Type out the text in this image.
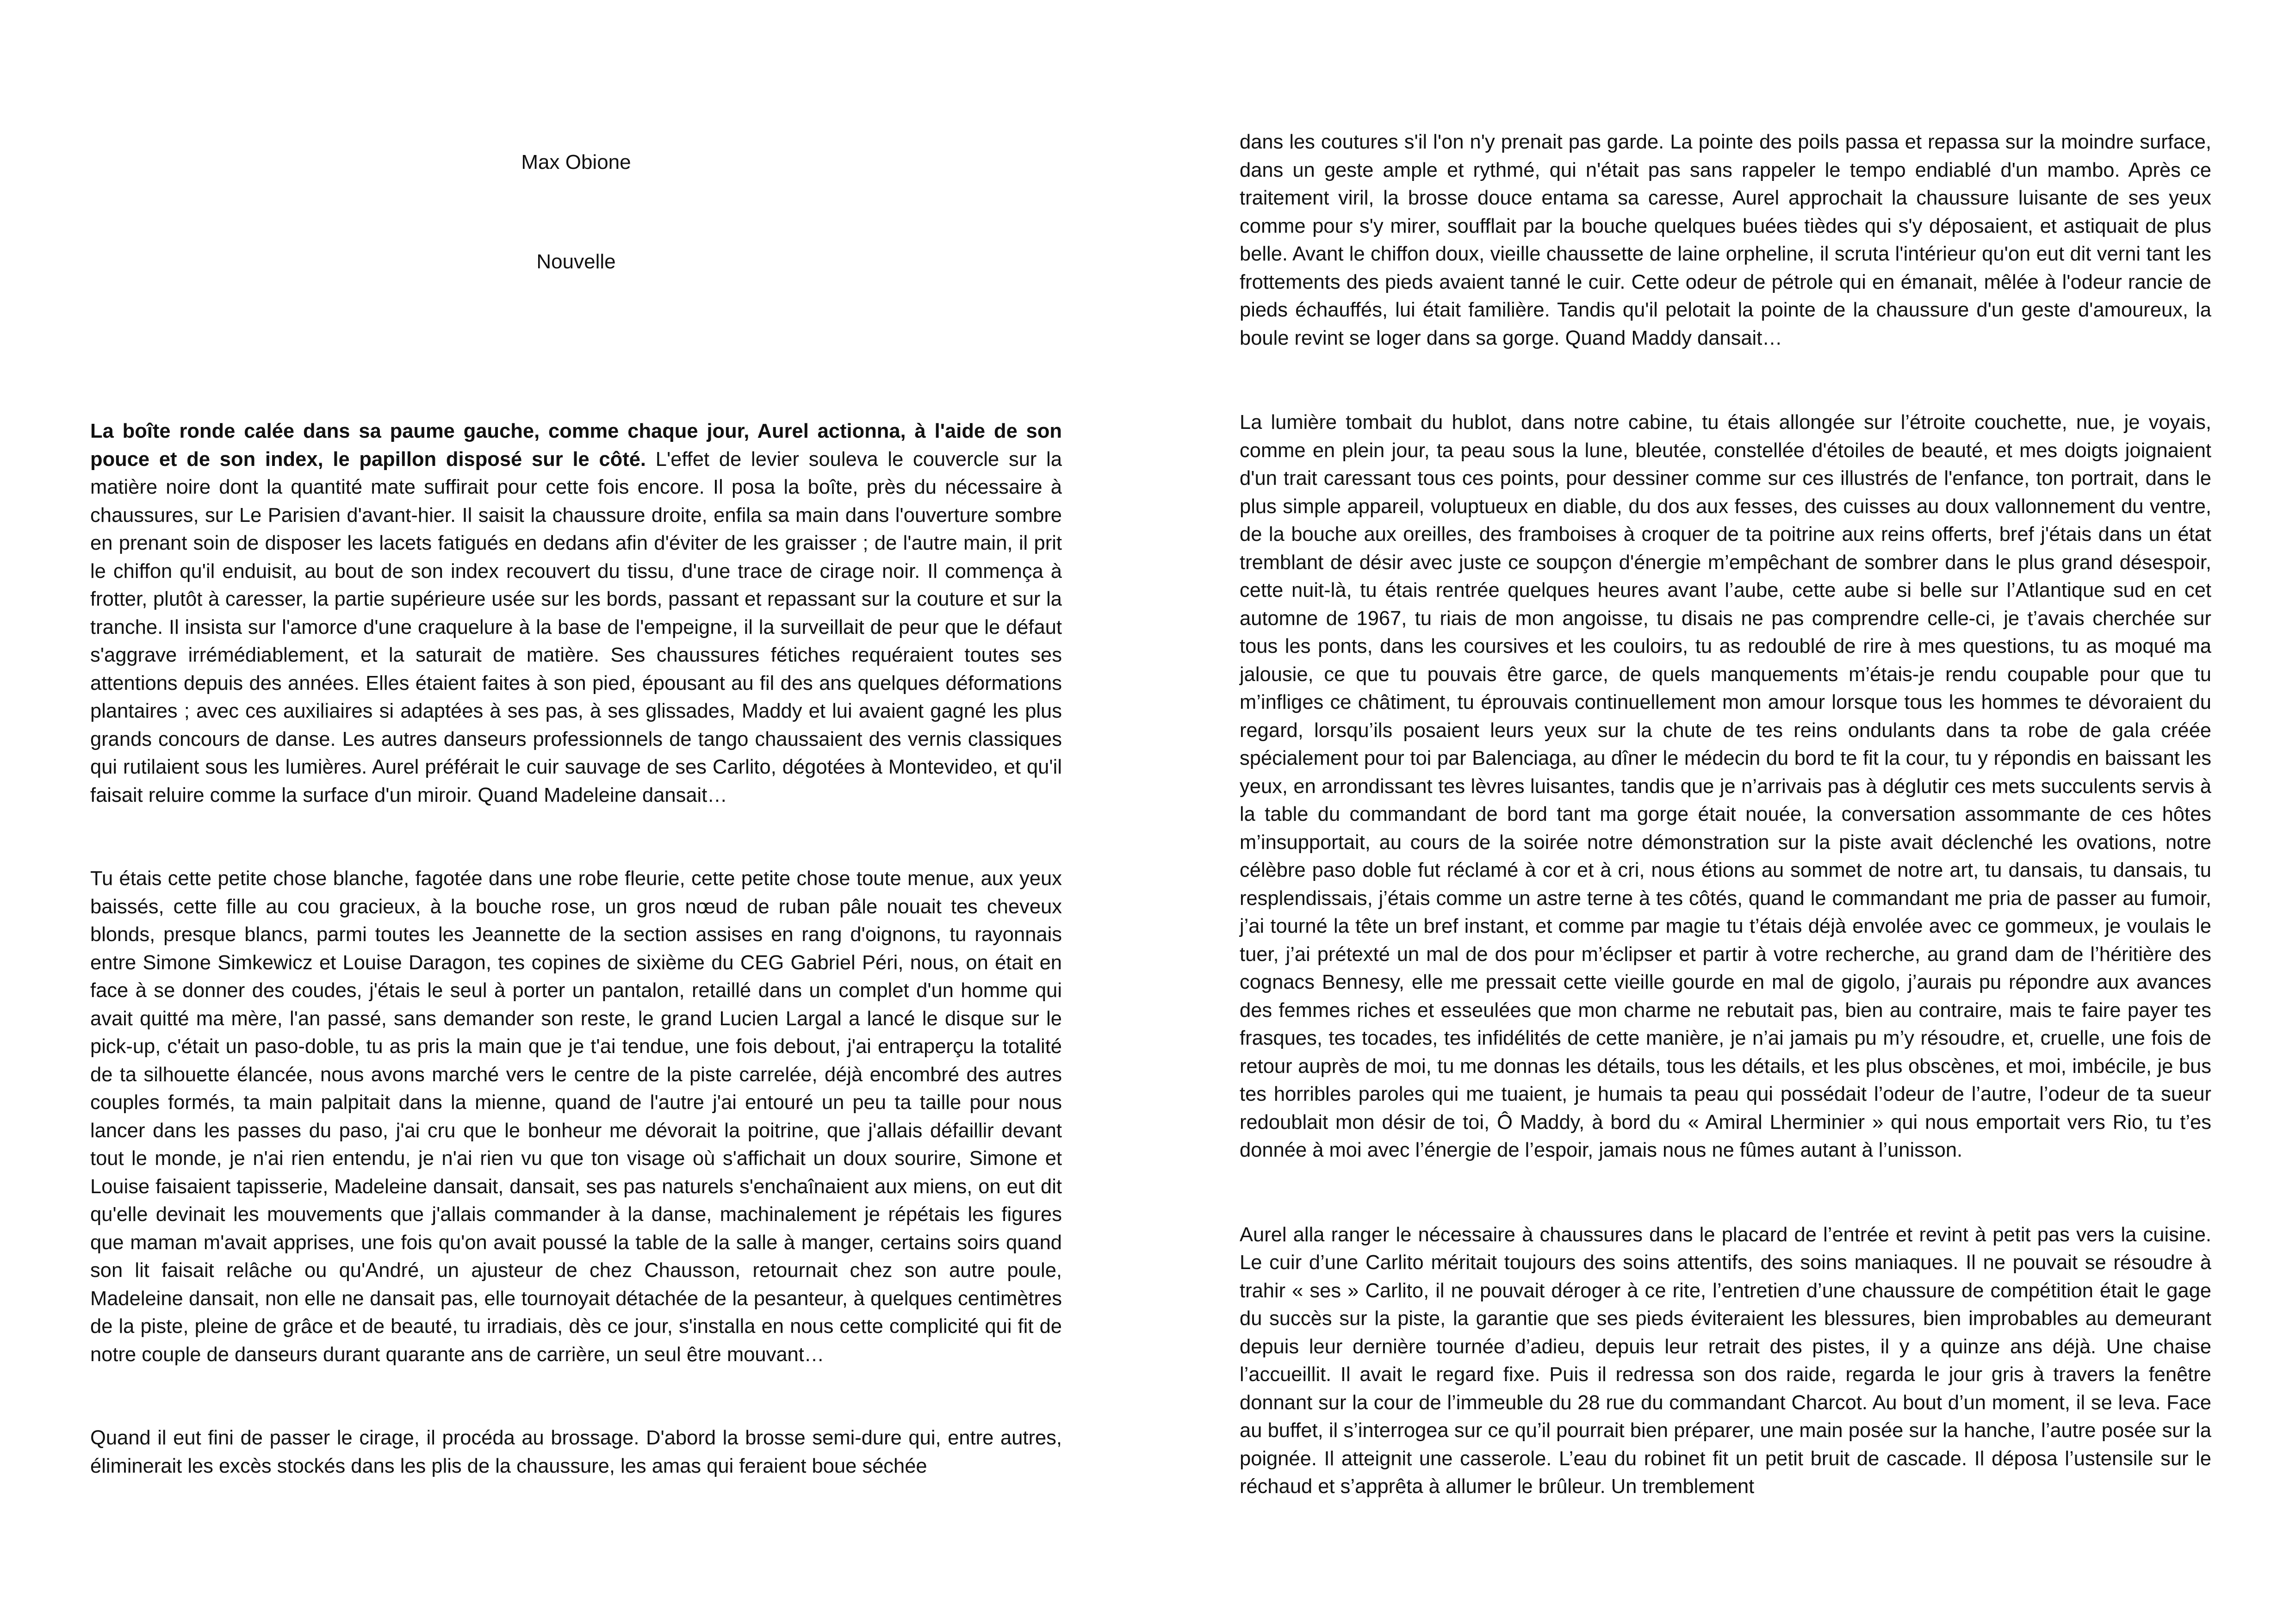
Max Obione
Nouvelle

La boîte ronde calée dans sa paume gauche, comme chaque jour, Aurel actionna, à l'aide de son pouce et de son index, le papillon disposé sur le côté. L'effet de levier souleva le couvercle sur la matière noire dont la quantité mate suffirait pour cette fois encore. Il posa la boîte, près du nécessaire à chaussures, sur Le Parisien d'avant-hier. Il saisit la chaussure droite, enfila sa main dans l'ouverture sombre en prenant soin de disposer les lacets fatigués en dedans afin d'éviter de les graisser ; de l'autre main, il prit le chiffon qu'il enduisit, au bout de son index recouvert du tissu, d'une trace de cirage noir. Il commença à frotter, plutôt à caresser, la partie supérieure usée sur les bords, passant et repassant sur la couture et sur la tranche. Il insista sur l'amorce d'une craquelure à la base de l'empeigne, il la surveillait de peur que le défaut s'aggrave irrémédiablement, et la saturait de matière. Ses chaussures fétiches requéraient toutes ses attentions depuis des années. Elles étaient faites à son pied, épousant au fil des ans quelques déformations plantaires ; avec ces auxiliaires si adaptées à ses pas, à ses glissades, Maddy et lui avaient gagné les plus grands concours de danse. Les autres danseurs professionnels de tango chaussaient des vernis classiques qui rutilaient sous les lumières. Aurel préférait le cuir sauvage de ses Carlito, dégotées à Montevideo, et qu'il faisait reluire comme la surface d'un miroir. Quand Madeleine dansait…

Tu étais cette petite chose blanche, fagotée dans une robe fleurie, cette petite chose toute menue, aux yeux baissés, cette fille au cou gracieux, à la bouche rose, un gros nœud de ruban pâle nouait tes cheveux blonds, presque blancs, parmi toutes les Jeannette de la section assises en rang d'oignons, tu rayonnais entre Simone Simkewicz et Louise Daragon, tes copines de sixième du CEG Gabriel Péri, nous, on était en face à se donner des coudes, j'étais le seul à porter un pantalon, retaillé dans un complet d'un homme qui avait quitté ma mère, l'an passé, sans demander son reste, le grand Lucien Largal a lancé le disque sur le pick-up, c'était un paso-doble, tu as pris la main que je t'ai tendue, une fois debout, j'ai entraperçu la totalité de ta silhouette élancée, nous avons marché vers le centre de la piste carrelée, déjà encombré des autres couples formés, ta main palpitait dans la mienne, quand de l'autre j'ai entouré un peu ta taille pour nous lancer dans les passes du paso, j'ai cru que le bonheur me dévorait la poitrine, que j'allais défaillir devant tout le monde, je n'ai rien entendu, je n'ai rien vu que ton visage où s'affichait un doux sourire, Simone et Louise faisaient tapisserie, Madeleine dansait, dansait, ses pas naturels s'enchaînaient aux miens, on eut dit qu'elle devinait les mouvements que j'allais commander à la danse, machinalement je répétais les figures que maman m'avait apprises, une fois qu'on avait poussé la table de la salle à manger, certains soirs quand son lit faisait relâche ou qu'André, un ajusteur de chez Chausson, retournait chez son autre poule, Madeleine dansait, non elle ne dansait pas, elle tournoyait détachée de la pesanteur, à quelques centimètres de la piste, pleine de grâce et de beauté, tu irradiais, dès ce jour, s'installa en nous cette complicité qui fit de notre couple de danseurs durant quarante ans de carrière, un seul être mouvant…

Quand il eut fini de passer le cirage, il procéda au brossage. D'abord la brosse semi-dure qui, entre autres, éliminerait les excès stockés dans les plis de la chaussure, les amas qui feraient boue séchée

dans les coutures s'il l'on n'y prenait pas garde. La pointe des poils passa et repassa sur la moindre surface, dans un geste ample et rythmé, qui n'était pas sans rappeler le tempo endiablé d'un mambo. Après ce traitement viril, la brosse douce entama sa caresse, Aurel approchait la chaussure luisante de ses yeux comme pour s'y mirer, soufflait par la bouche quelques buées tièdes qui s'y déposaient, et astiquait de plus belle. Avant le chiffon doux, vieille chaussette de laine orpheline, il scruta l'intérieur qu'on eut dit verni tant les frottements des pieds avaient tanné le cuir. Cette odeur de pétrole qui en émanait, mêlée à l'odeur rancie de pieds échauffés, lui était familière. Tandis qu'il pelotait la pointe de la chaussure d'un geste d'amoureux, la boule revint se loger dans sa gorge. Quand Maddy dansait…

La lumière tombait du hublot, dans notre cabine, tu étais allongée sur l’étroite couchette, nue, je voyais, comme en plein jour, ta peau sous la lune, bleutée, constellée d'étoiles de beauté, et mes doigts joignaient d'un trait caressant tous ces points, pour dessiner comme sur ces illustrés de l'enfance, ton portrait, dans le plus simple appareil, voluptueux en diable, du dos aux fesses, des cuisses au doux vallonnement du ventre, de la bouche aux oreilles, des framboises à croquer de ta poitrine aux reins offerts, bref j'étais dans un état tremblant de désir avec juste ce soupçon d'énergie m’empêchant de sombrer dans le plus grand désespoir, cette nuit-là, tu étais rentrée quelques heures avant l’aube, cette aube si belle sur l’Atlantique sud en cet automne de 1967, tu riais de mon angoisse, tu disais ne pas comprendre celle-ci, je t’avais cherchée sur tous les ponts, dans les coursives et les couloirs, tu as redoublé de rire à mes questions, tu as moqué ma jalousie, ce que tu pouvais être garce, de quels manquements m’étais-je rendu coupable pour que tu m’infliges ce châtiment, tu éprouvais continuellement mon amour lorsque tous les hommes te dévoraient du regard, lorsqu’ils posaient leurs yeux sur la chute de tes reins ondulants dans ta robe de gala créée spécialement pour toi par Balenciaga, au dîner le médecin du bord te fit la cour, tu y répondis en baissant les yeux, en arrondissant tes lèvres luisantes, tandis que je n’arrivais pas à déglutir ces mets succulents servis à la table du commandant de bord tant ma gorge était nouée, la conversation assommante de ces hôtes m’insupportait, au cours de la soirée notre démonstration sur la piste avait déclenché les ovations, notre célèbre paso doble fut réclamé à cor et à cri, nous étions au sommet de notre art, tu dansais, tu dansais, tu resplendissais, j’étais comme un astre terne à tes côtés, quand le commandant me pria de passer au fumoir, j’ai tourné la tête un bref instant, et comme par magie tu t’étais déjà envolée avec ce gommeux, je voulais le tuer, j’ai prétexté un mal de dos pour m’éclipser et partir à votre recherche, au grand dam de l’héritière des cognacs Bennesy, elle me pressait cette vieille gourde en mal de gigolo, j’aurais pu répondre aux avances des femmes riches et esseulées que mon charme ne rebutait pas, bien au contraire, mais te faire payer tes frasques, tes tocades, tes infidélités de cette manière, je n’ai jamais pu m’y résoudre, et, cruelle, une fois de retour auprès de moi, tu me donnas les détails, tous les détails, et les plus obscènes, et moi, imbécile, je bus tes horribles paroles qui me tuaient, je humais ta peau qui possédait l’odeur de l’autre, l’odeur de ta sueur redoublait mon désir de toi, Ô Maddy, à bord du « Amiral Lherminier » qui nous emportait vers Rio, tu t’es donnée à moi avec l’énergie de l’espoir, jamais nous ne fûmes autant à l’unisson.

Aurel alla ranger le nécessaire à chaussures dans le placard de l’entrée et revint à petit pas vers la cuisine. Le cuir d’une Carlito méritait toujours des soins attentifs, des soins maniaques. Il ne pouvait se résoudre à trahir « ses » Carlito, il ne pouvait déroger à ce rite, l’entretien d’une chaussure de compétition était le gage du succès sur la piste, la garantie que ses pieds éviteraient les blessures, bien improbables au demeurant depuis leur dernière tournée d’adieu, depuis leur retrait des pistes, il y a quinze ans déjà. Une chaise l’accueillit. Il avait le regard fixe. Puis il redressa son dos raide, regarda le jour gris à travers la fenêtre donnant sur la cour de l’immeuble du 28 rue du commandant Charcot. Au bout d’un moment, il se leva. Face au buffet, il s’interrogea sur ce qu’il pourrait bien préparer, une main posée sur la hanche, l’autre posée sur la poignée. Il atteignit une casserole. L’eau du robinet fit un petit bruit de cascade. Il déposa l’ustensile sur le réchaud et s’apprêta à allumer le brûleur. Un tremblement
